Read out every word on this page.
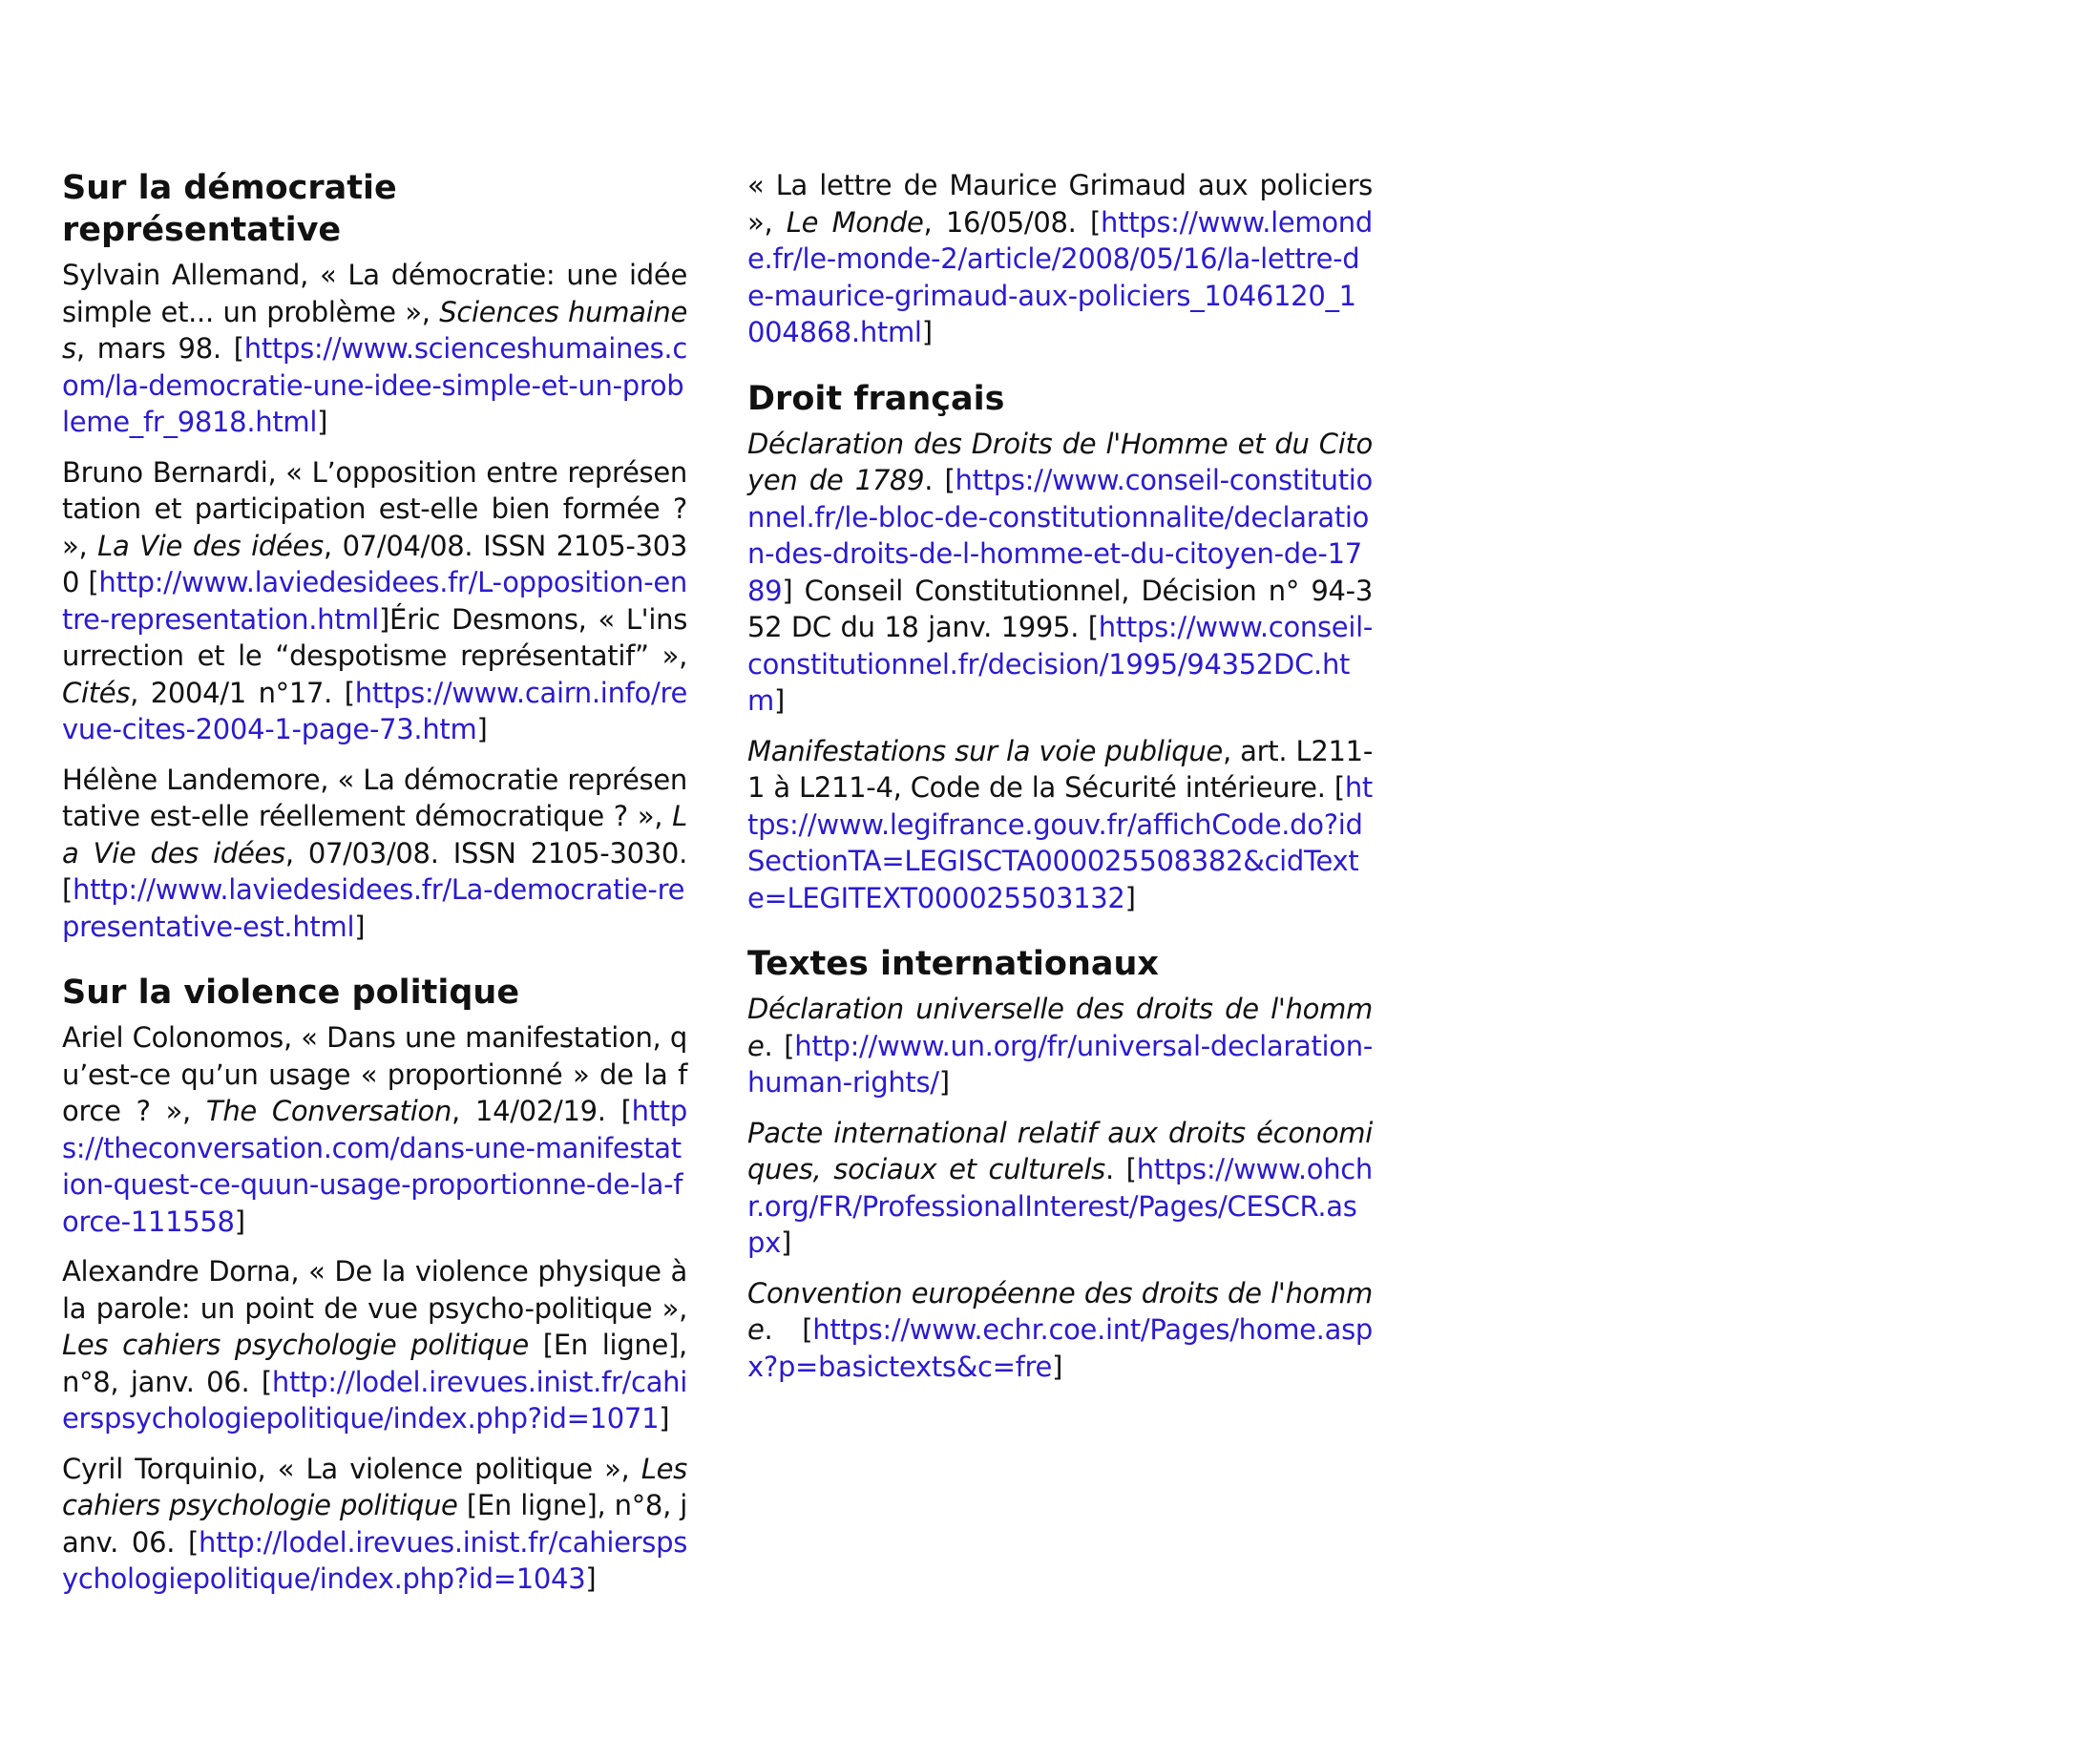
Sur la démocratie représentative

Sylvain Allemand, « La démocratie: une idée simple et... un problème », Sciences humaines, mars 98. [https://www.scienceshumaines.com/la-democratie-une-idee-simple-et-un-probleme_fr_9818.html]

Bruno Bernardi, « L’opposition entre représentation et participation est-elle bien formée ? », La Vie des idées, 07/04/08. ISSN 2105-3030 [http://www.laviedesidees.fr/L-opposition-entre-representation.html]Éric Desmons, « L'insurrection et le “despotisme représentatif” », Cités, 2004/1 n°17. [https://www.cairn.info/revue-cites-2004-1-page-73.htm]

Hélène Landemore, « La démocratie représentative est-elle réellement démocratique ? », La Vie des idées, 07/03/08. ISSN 2105-3030. [http://www.laviedesidees.fr/La-democratie-representative-est.html]

Sur la violence politique

Ariel Colonomos, « Dans une manifestation, qu’est-ce qu’un usage « proportionné » de la force ? », The Conversation, 14/02/19. [https://theconversation.com/dans-une-manifestation-quest-ce-quun-usage-proportionne-de-la-force-111558]

Alexandre Dorna, « De la violence physique à la parole: un point de vue psycho-politique », Les cahiers psychologie politique [En ligne], n°8, janv. 06. [http://lodel.irevues.inist.fr/cahierspsychologiepolitique/index.php?id=1071]

Cyril Torquinio, « La violence politique », Les cahiers psychologie politique [En ligne], n°8, janv. 06. [http://lodel.irevues.inist.fr/cahierspsychologiepolitique/index.php?id=1043]

« La lettre de Maurice Grimaud aux policiers », Le Monde, 16/05/08. [https://www.lemonde.fr/le-monde-2/article/2008/05/16/la-lettre-de-maurice-grimaud-aux-policiers_1046120_1004868.html]

Droit français

Déclaration des Droits de l'Homme et du Citoyen de 1789. [https://www.conseil-constitutionnel.fr/le-bloc-de-constitutionnalite/declaration-des-droits-de-l-homme-et-du-citoyen-de-1789] Conseil Constitutionnel, Décision n° 94-352 DC du 18 janv. 1995. [https://www.conseil-constitutionnel.fr/decision/1995/94352DC.htm]

Manifestations sur la voie publique, art. L211-1 à L211-4, Code de la Sécurité intérieure. [https://www.legifrance.gouv.fr/affichCode.do?idSectionTA=LEGISCTA000025508382&cidTexte=LEGITEXT000025503132]

Textes internationaux

Déclaration universelle des droits de l'homme. [http://www.un.org/fr/universal-declaration-human-rights/]

Pacte international relatif aux droits économiques, sociaux et culturels. [https://www.ohchr.org/FR/ProfessionalInterest/Pages/CESCR.aspx]

Convention européenne des droits de l'homme. [https://www.echr.coe.int/Pages/home.aspx?p=basictexts&c=fre]
